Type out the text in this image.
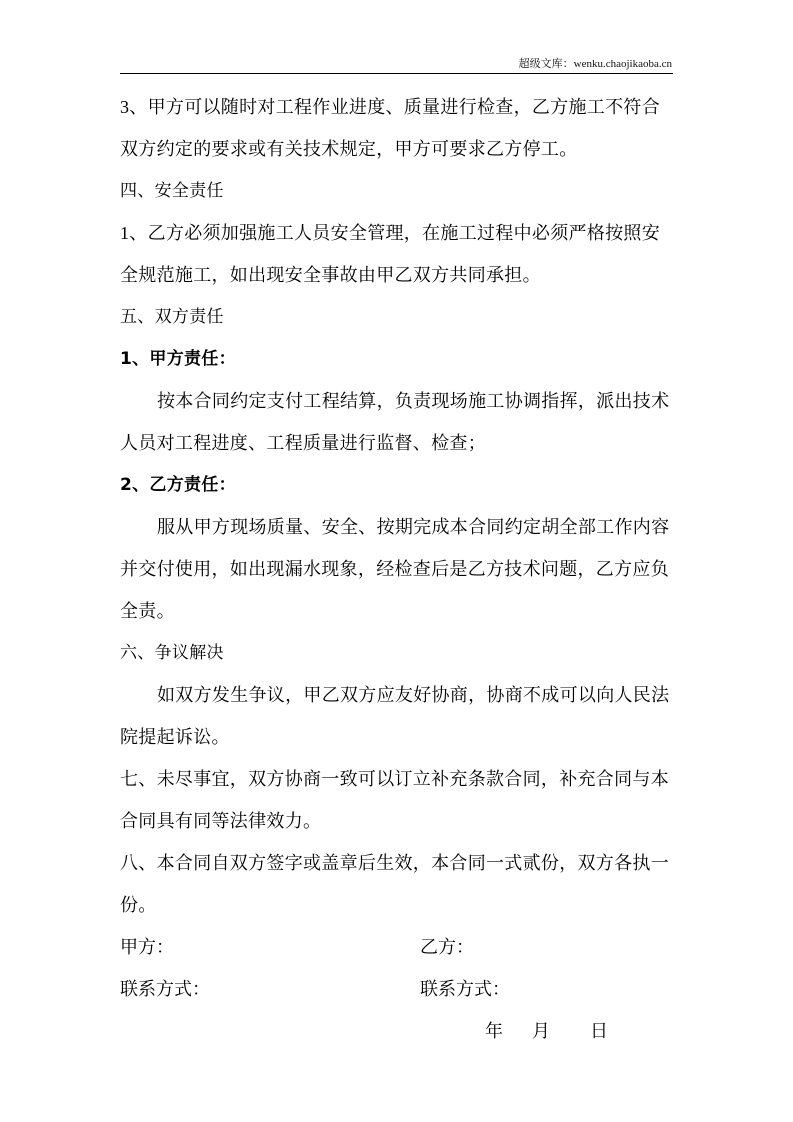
超级文库：wenku.chaojikaoba.cn
3、甲方可以随时对工程作业进度、质量进行检查，乙方施工不符合
双方约定的要求或有关技术规定，甲方可要求乙方停工。
四、安全责任
1、乙方必须加强施工人员安全管理，在施工过程中必须严格按照安
全规范施工，如出现安全事故由甲乙双方共同承担。
五、双方责任
1、甲方责任：
按本合同约定支付工程结算，负责现场施工协调指挥，派出技术
人员对工程进度、工程质量进行监督、检查；
2、乙方责任：
服从甲方现场质量、安全、按期完成本合同约定胡全部工作内容
并交付使用，如出现漏水现象，经检查后是乙方技术问题，乙方应负
全责。
六、争议解决
如双方发生争议，甲乙双方应友好协商，协商不成可以向人民法
院提起诉讼。
七、未尽事宜，双方协商一致可以订立补充条款合同，补充合同与本
合同具有同等法律效力。
八、本合同自双方签字或盖章后生效，本合同一式贰份，双方各执一
份。
甲方：	乙方：
联系方式：	联系方式：
年 月 日
